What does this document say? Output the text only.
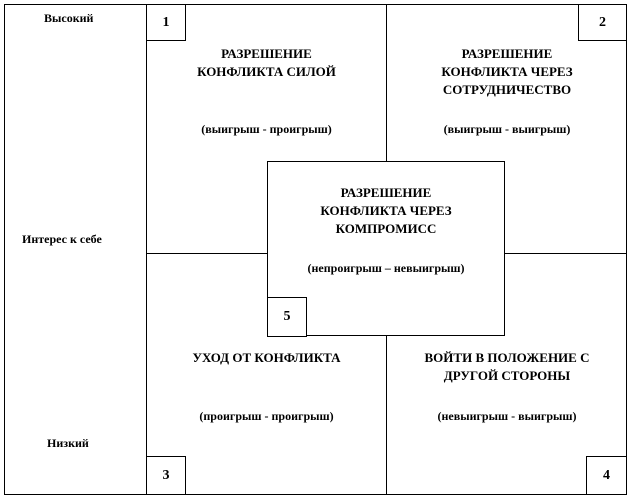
Высокий
Интерес к себе
Низкий
1
РАЗРЕШЕНИЕ
КОНФЛИКТА СИЛОЙ
(выигрыш - проигрыш)
2
РАЗРЕШЕНИЕ
КОНФЛИКТА ЧЕРЕЗ
СОТРУДНИЧЕСТВО
(выигрыш - выигрыш)
3
УХОД ОТ КОНФЛИКТА
(проигрыш - проигрыш)
4
ВОЙТИ В ПОЛОЖЕНИЕ С
ДРУГОЙ СТОРОНЫ
(невыигрыш - выигрыш)
РАЗРЕШЕНИЕ
КОНФЛИКТА ЧЕРЕЗ
КОМПРОМИСС
(непроигрыш – невыигрыш)
5
